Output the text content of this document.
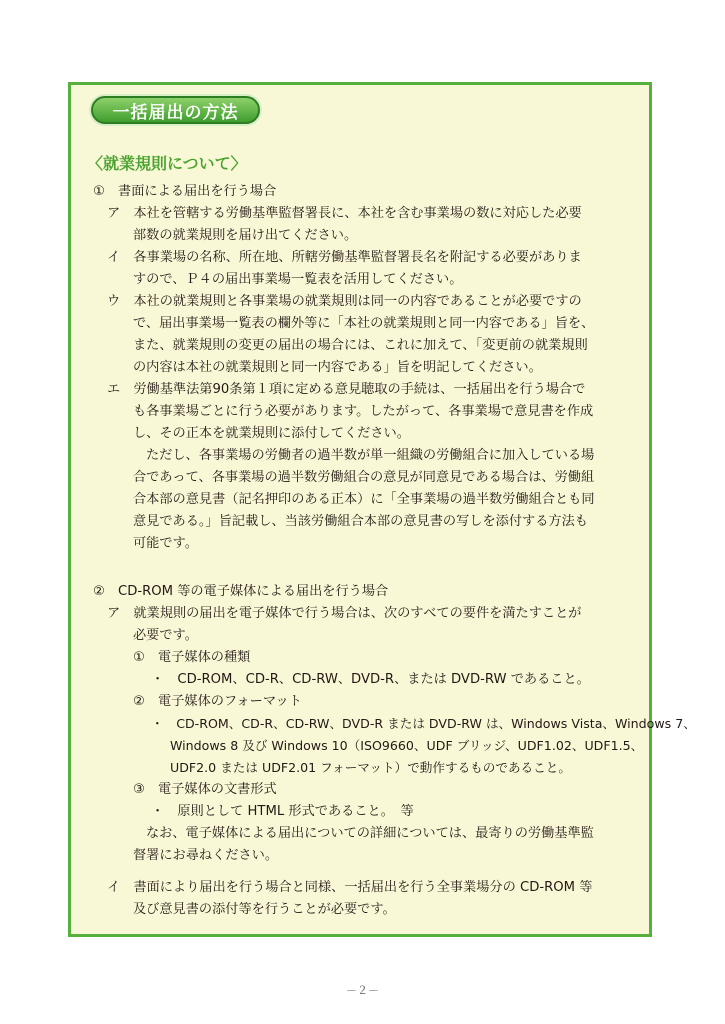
一括届出の方法
〈就業規則について〉
①　書面による届出を行う場合
ア　本社を管轄する労働基準監督署長に、本社を含む事業場の数に対応した必要
部数の就業規則を届け出てください。
イ　各事業場の名称、所在地、所轄労働基準監督署長名を附記する必要がありま
すので、Ｐ４の届出事業場一覧表を活用してください。
ウ　本社の就業規則と各事業場の就業規則は同一の内容であることが必要ですの
で、届出事業場一覧表の欄外等に「本社の就業規則と同一内容である」旨を、
また、就業規則の変更の届出の場合には、これに加えて、「変更前の就業規則
の内容は本社の就業規則と同一内容である」旨を明記してください。
エ　労働基準法第90条第１項に定める意見聴取の手続は、一括届出を行う場合で
も各事業場ごとに行う必要があります。したがって、各事業場で意見書を作成
し、その正本を就業規則に添付してください。
ただし、各事業場の労働者の過半数が単一組織の労働組合に加入している場
合であって、各事業場の過半数労働組合の意見が同意見である場合は、労働組
合本部の意見書（記名押印のある正本）に「全事業場の過半数労働組合とも同
意見である。」旨記載し、当該労働組合本部の意見書の写しを添付する方法も
可能です。
②　CD-ROM 等の電子媒体による届出を行う場合
ア　就業規則の届出を電子媒体で行う場合は、次のすべての要件を満たすことが
必要です。
①　電子媒体の種類
・　CD-ROM、CD-R、CD-RW、DVD-R、または DVD-RW であること。
②　電子媒体のフォーマット
・　CD-ROM、CD-R、CD-RW、DVD-R または DVD-RW は、Windows Vista、Windows 7、
Windows 8 及び Windows 10（ISO9660、UDF ブリッジ、UDF1.02、UDF1.5、
UDF2.0 または UDF2.01 フォーマット）で動作するものであること。
③　電子媒体の文書形式
・　原則として HTML 形式であること。　等
なお、電子媒体による届出についての詳細については、最寄りの労働基準監
督署にお尋ねください。
イ　書面により届出を行う場合と同様、一括届出を行う全事業場分の CD-ROM 等
及び意見書の添付等を行うことが必要です。
－２－
